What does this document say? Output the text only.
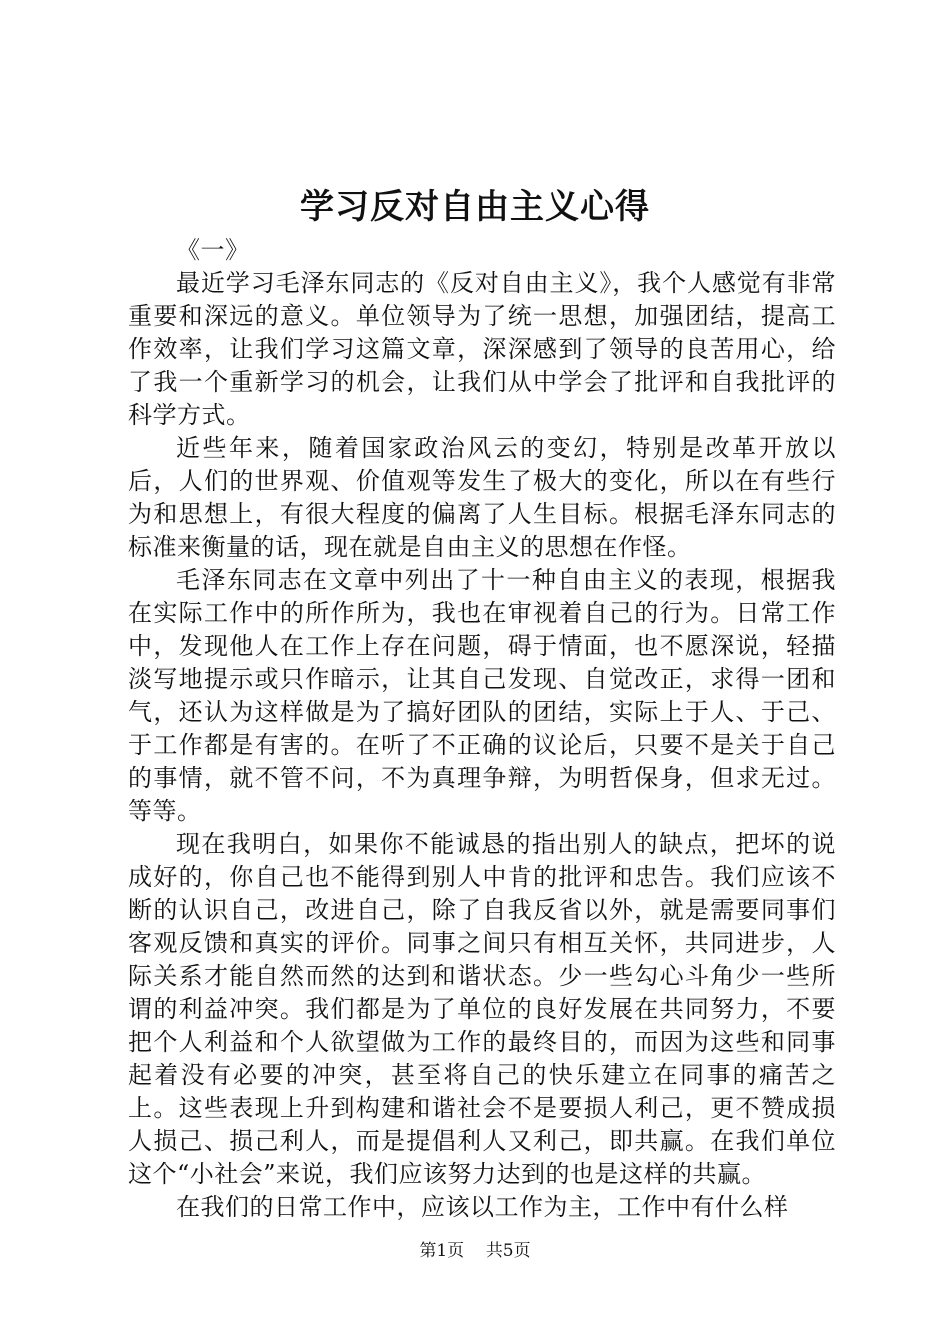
学习反对自由主义心得

《一》

最近学习毛泽东同志的《反对自由主义》，我个人感觉有非常重要和深远的意义。单位领导为了统一思想，加强团结，提高工作效率，让我们学习这篇文章，深深感到了领导的良苦用心，给了我一个重新学习的机会，让我们从中学会了批评和自我批评的科学方式。

近些年来，随着国家政治风云的变幻，特别是改革开放以后，人们的世界观、价值观等发生了极大的变化，所以在有些行为和思想上，有很大程度的偏离了人生目标。根据毛泽东同志的标准来衡量的话，现在就是自由主义的思想在作怪。

毛泽东同志在文章中列出了十一种自由主义的表现，根据我在实际工作中的所作所为，我也在审视着自己的行为。日常工作中，发现他人在工作上存在问题，碍于情面，也不愿深说，轻描淡写地提示或只作暗示，让其自己发现、自觉改正，求得一团和气，还认为这样做是为了搞好团队的团结，实际上于人、于己、于工作都是有害的。在听了不正确的议论后，只要不是关于自己的事情，就不管不问，不为真理争辩，为明哲保身，但求无过。等等。

现在我明白，如果你不能诚恳的指出别人的缺点，把坏的说成好的，你自己也不能得到别人中肯的批评和忠告。我们应该不断的认识自己，改进自己，除了自我反省以外，就是需要同事们客观反馈和真实的评价。同事之间只有相互关怀，共同进步，人际关系才能自然而然的达到和谐状态。少一些勾心斗角少一些所谓的利益冲突。我们都是为了单位的良好发展在共同努力，不要把个人利益和个人欲望做为工作的最终目的，而因为这些和同事起着没有必要的冲突，甚至将自己的快乐建立在同事的痛苦之上。这些表现上升到构建和谐社会不是要损人利己，更不赞成损人损己、损己利人，而是提倡利人又利己，即共赢。在我们单位这个“小社会”来说，我们应该努力达到的也是这样的共赢。

在我们的日常工作中，应该以工作为主，工作中有什么样

第1页 共5页
